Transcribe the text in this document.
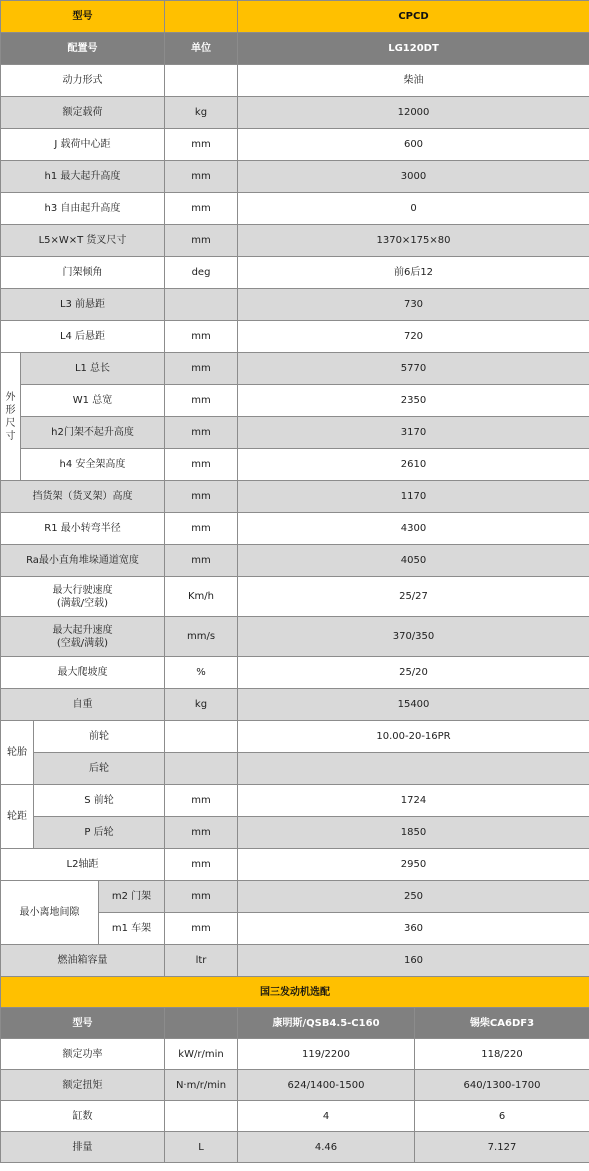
型号					CPCD	
配置号				单位	LG120DT	
动力形式					柴油	
额定载荷				kg	12000	
J 载荷中心距				mm	600	
h1 最大起升高度				mm	3000	
h3 自由起升高度				mm	0	
L5×W×T 货叉尺寸				mm	1370×175×80	
门架倾角				deg	前6后12	
L3 前悬距					730	
L4 后悬距				mm	720	
外
形
尺
寸	L1 总长			mm	5770	
	W1 总宽			mm	2350	
	h2门架不起升高度			mm	3170	
	h4 安全架高度			mm	2610	
挡货架（货叉架）高度				mm	1170	
R1 最小转弯半径				mm	4300	
Ra最小直角堆垛通道宽度				mm	4050	

最大行驶速度
(满载/空载)				Km/h	25/27	

最大起升速度
(空载/满载)				mm/s	370/350	
最大爬坡度				%	25/20	
自重				kg	15400	
轮胎		前轮			10.00-20-16PR	
		后轮				
轮距		S 前轮		mm	1724	
		P 后轮		mm	1850	
L2轴距				mm	2950	
最小离地间隙			m2 门架	mm	250	
			m1 车架	mm	360	
燃油箱容量				ltr	160	
国三发动机选配						
型号					康明斯/QSB4.5-C160	锡柴CA6DF3
额定功率				kW/r/min	119/2200	118/220
额定扭矩				N·m/r/min	624/1400-1500	640/1300-1700
缸数					4	6
排量				L	4.46	7.127
